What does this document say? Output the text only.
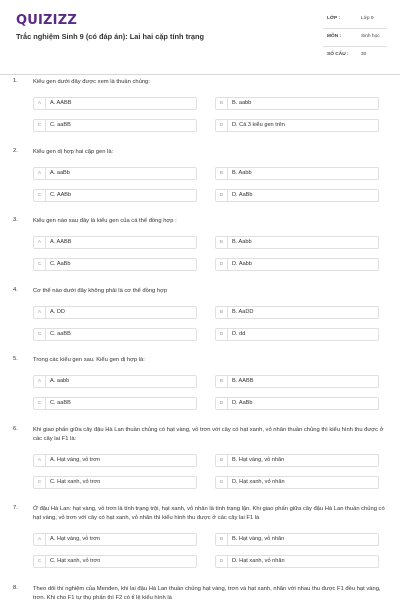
QUIZIZZ
Trắc nghiệm Sinh 9 (có đáp án): Lai hai cặp tính trạng
LỚP :	Lớp 9
MÔN :	Sinh học
SỐ CÂU :	30
1.	Kiểu gen dưới đây được xem là thuần chủng:
A	A. AABB	B	B. aabb
C	C. aaBB	D	D. Cả 3 kiểu gen trên
2.	Kiểu gen dị hợp hai cặp gen là:
A	A. aaBb	B	B. Aabb
C	C. AABb	D	D. AaBb
3.	Kiểu gen nào sau đây là kiểu gen của cá thể đồng hợp :
A	A. AABB	B	B. Aabb
C	C. AaBb	D	D. Aabb
4.	Cơ thể nào dưới đây không phải là cơ thể đồng hợp
A	A. DD	B	B. AaDD
C	C. aaBB	D	D. dd
5.	Trong các kiểu gen sau. Kiểu gen dị hợp là:
A	A. aabb	B	B. AABB
C	C. aaBB	D	D. AaBb
6.	Khi giao phấn giữa cây đậu Hà Lan thuần chủng có hạt vàng, vỏ trơn với cây có hạt xanh, vỏ nhăn thuần chủng thì kiểu hình thu được ở các cây lai F1 là:
A	A. Hạt vàng, vỏ trơn	B	B. Hạt vàng, vỏ nhăn
C	C. Hạt xanh, vỏ trơn	D	D. Hạt xanh, vỏ nhăn
7.	Ở đậu Hà Lan: hạt vàng, vỏ trơn là tính trạng trội, hạt xanh, vỏ nhăn là tính trạng lặn. Khi giao phấn giữa cây đậu Hà Lan thuần chủng có hạt vàng, vỏ trơn với cây có hạt xanh, vỏ nhăn thì kiểu hình thu được ở các cây lai F1 là
A	A. Hạt vàng, vỏ trơn	B	B. Hạt vàng, vỏ nhăn
C	C. Hạt xanh, vỏ trơn	D	D. Hạt xanh, vỏ nhăn
8.	Theo dõi thí nghiệm của Menđen, khi lai đậu Hà Lan thuần chủng hạt vàng, trơn và hạt xanh, nhăn với nhau thu được F1 đều hạt vàng, trơn. Khi cho F1 tự thụ phấn thì F2 có tỉ lệ kiểu hình là
